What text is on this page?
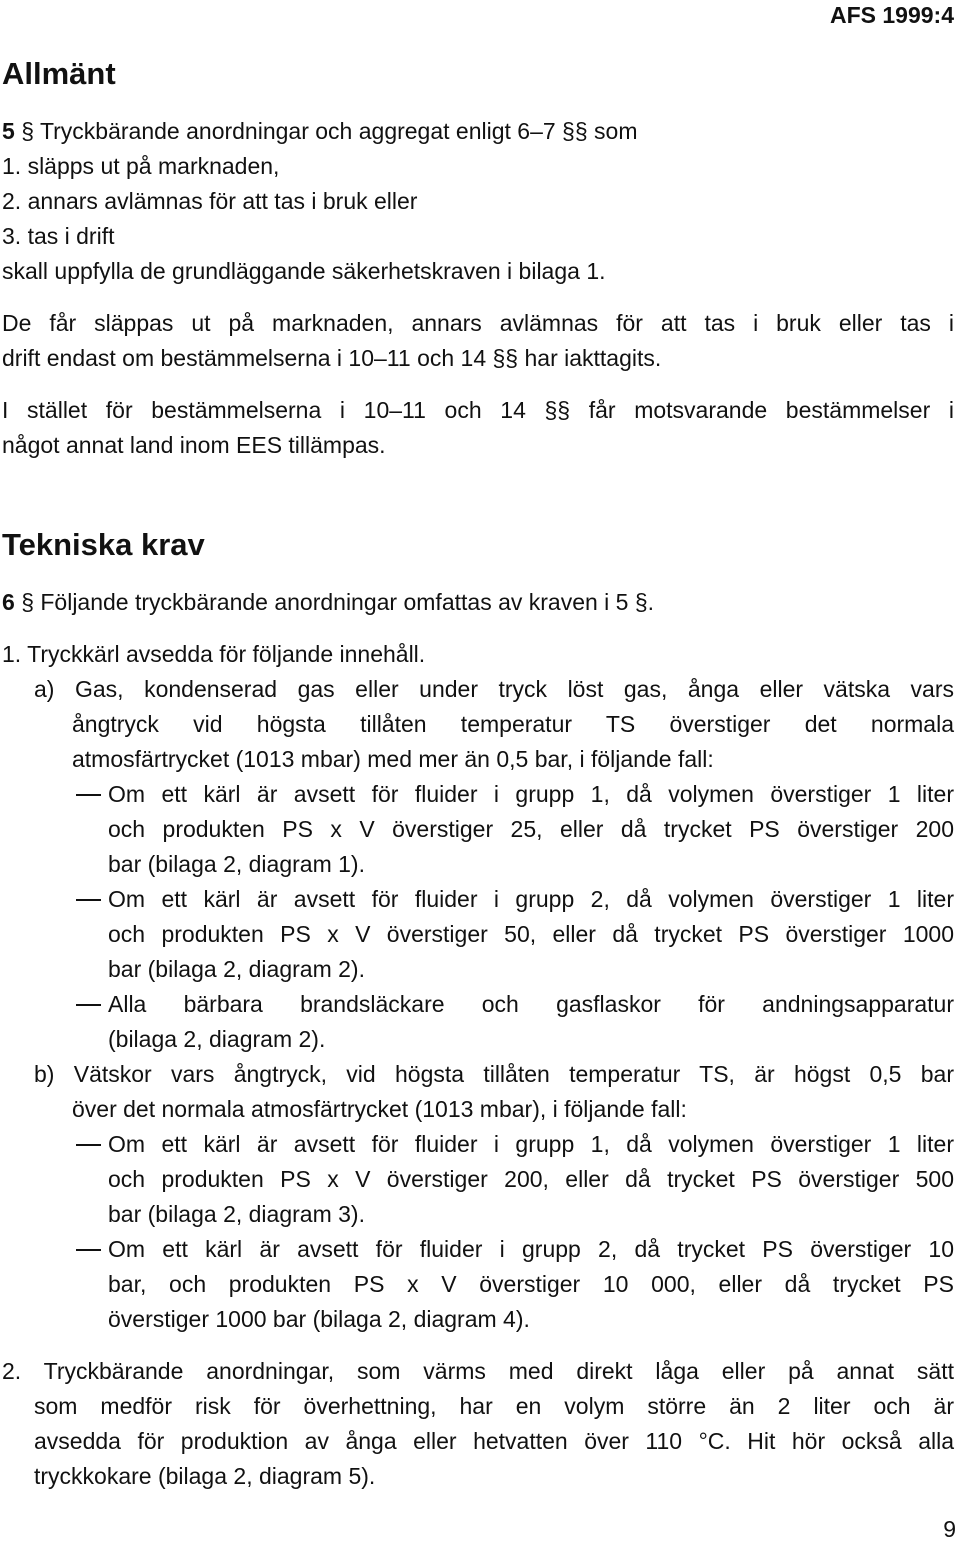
AFS 1999:4
Allmänt
5 § Tryckbärande anordningar och aggregat enligt 6–7 §§ som
1. släpps ut på marknaden,
2. annars avlämnas för att tas i bruk eller
3. tas i drift
skall uppfylla de grundläggande säkerhetskraven i bilaga 1.
De får släppas ut på marknaden, annars avlämnas för att tas i bruk eller tas i
drift endast om bestämmelserna i 10–11 och 14 §§ har iakttagits.
I stället för bestämmelserna i 10–11 och 14 §§ får motsvarande bestämmelser i
något annat land inom EES tillämpas.
Tekniska krav
6 § Följande tryckbärande anordningar omfattas av kraven i 5 §.
1. Tryckkärl avsedda för följande innehåll.
a) Gas, kondenserad gas eller under tryck löst gas, ånga eller vätska vars
ångtryck vid högsta tillåten temperatur TS överstiger det normala
atmosfärtrycket (1013 mbar) med mer än 0,5 bar, i följande fall:
Om ett kärl är avsett för fluider i grupp 1, då volymen överstiger 1 liter
och produkten PS x V överstiger 25, eller då trycket PS överstiger 200
bar (bilaga 2, diagram 1).
Om ett kärl är avsett för fluider i grupp 2, då volymen överstiger 1 liter
och produkten PS x V överstiger 50, eller då trycket PS överstiger 1000
bar (bilaga 2, diagram 2).
Alla bärbara brandsläckare och gasflaskor för andningsapparatur
(bilaga 2, diagram 2).
b) Vätskor vars ångtryck, vid högsta tillåten temperatur TS, är högst 0,5 bar
över det normala atmosfärtrycket (1013 mbar), i följande fall:
Om ett kärl är avsett för fluider i grupp 1, då volymen överstiger 1 liter
och produkten PS x V överstiger 200, eller då trycket PS överstiger 500
bar (bilaga 2, diagram 3).
Om ett kärl är avsett för fluider i grupp 2, då trycket PS överstiger 10
bar, och produkten PS x V överstiger 10 000, eller då trycket PS
överstiger 1000 bar (bilaga 2, diagram 4).
2. Tryckbärande anordningar, som värms med direkt låga eller på annat sätt
som medför risk för överhettning, har en volym större än 2 liter och är
avsedda för produktion av ånga eller hetvatten över 110 °C. Hit hör också alla
tryckkokare (bilaga 2, diagram 5).
9
